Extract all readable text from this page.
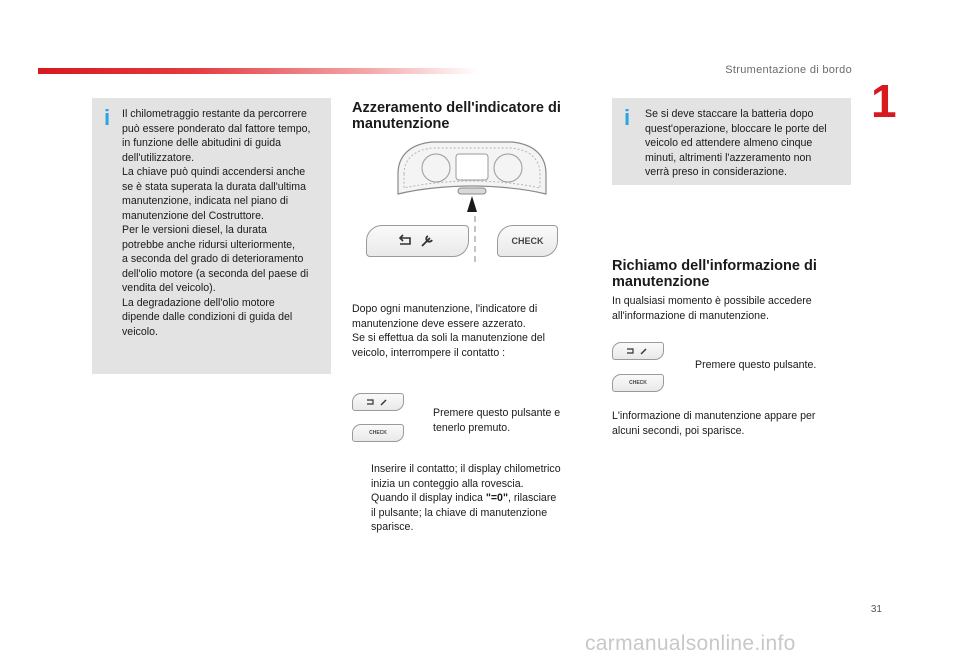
Strumentazione di bordo
1
i Il chilometraggio restante da percorrere
può essere ponderato dal fattore tempo,
in funzione delle abitudini di guida
dell'utilizzatore.
La chiave può quindi accendersi anche
se è stata superata la durata dall'ultima
manutenzione, indicata nel piano di
manutenzione del Costruttore.
Per le versioni diesel, la durata
potrebbe anche ridursi ulteriormente,
a seconda del grado di deterioramento
dell'olio motore (a seconda del paese di
vendita del veicolo).
La degradazione dell'olio motore
dipende dalle condizioni di guida del
veicolo.
Azzeramento dell'indicatore di
manutenzione
CHECK
Dopo ogni manutenzione, l'indicatore di
manutenzione deve essere azzerato.
Se si effettua da soli la manutenzione del
veicolo, interrompere il contatto :
CHECK
Premere questo pulsante e
tenerlo premuto.
Inserire il contatto; il display chilometrico
inizia un conteggio alla rovescia.
Quando il display indica "=0", rilasciare
il pulsante; la chiave di manutenzione
sparisce.
i Se si deve staccare la batteria dopo
quest'operazione, bloccare le porte del
veicolo ed attendere almeno cinque
minuti, altrimenti l'azzeramento non
verrà preso in considerazione.
Richiamo dell'informazione di
manutenzione
In qualsiasi momento è possibile accedere
all'informazione di manutenzione.
CHECK
Premere questo pulsante.
L'informazione di manutenzione appare per
alcuni secondi, poi sparisce.
31
carmanualsonline.info
